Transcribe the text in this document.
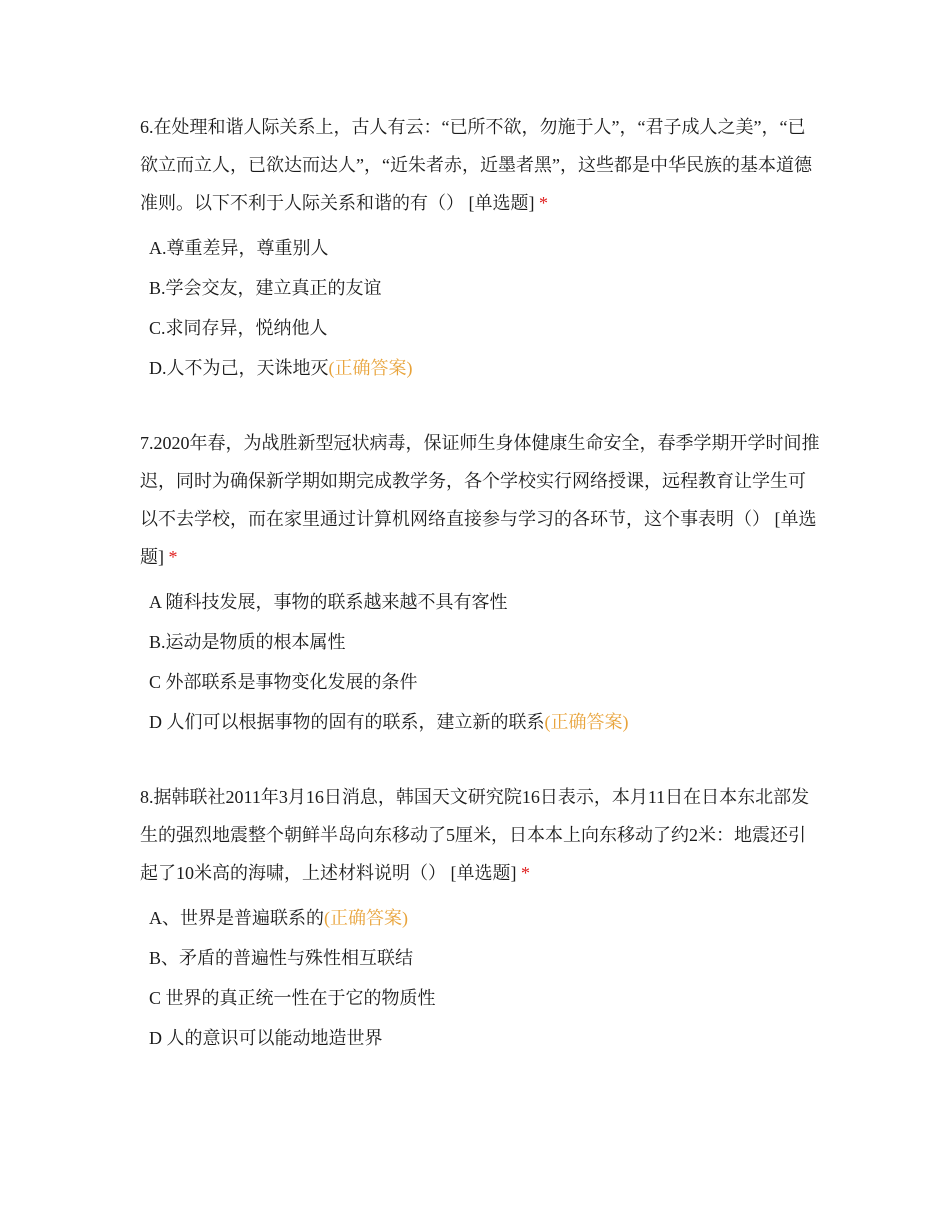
6.在处理和谐人际关系上，古人有云：“已所不欲，勿施于人”，“君子成人之美”，“已欲立而立人，已欲达而达人”，“近朱者赤，近墨者黑”，这些都是中华民族的基本道德准则。以下不利于人际关系和谐的有（） [单选题] *

A.尊重差异，尊重别人

B.学会交友，建立真正的友谊

C.求同存异，悦纳他人

D.人不为己，天诛地灭(正确答案)

7.2020年春，为战胜新型冠状病毒，保证师生身体健康生命安全，春季学期开学时间推迟，同时为确保新学期如期完成教学务，各个学校实行网络授课，远程教育让学生可以不去学校，而在家里通过计算机网络直接参与学习的各环节，这个事表明（） [单选题] *

A 随科技发展，事物的联系越来越不具有客性

B.运动是物质的根本属性

C 外部联系是事物变化发展的条件

D 人们可以根据事物的固有的联系，建立新的联系(正确答案)

8.据韩联社2011年3月16日消息，韩国天文研究院16日表示，本月11日在日本东北部发生的强烈地震整个朝鲜半岛向东移动了5厘米，日本本上向东移动了约2米：地震还引起了10米高的海啸，上述材料说明（） [单选题] *

A、世界是普遍联系的(正确答案)

B、矛盾的普遍性与殊性相互联结

C 世界的真正统一性在于它的物质性

D 人的意识可以能动地造世界
